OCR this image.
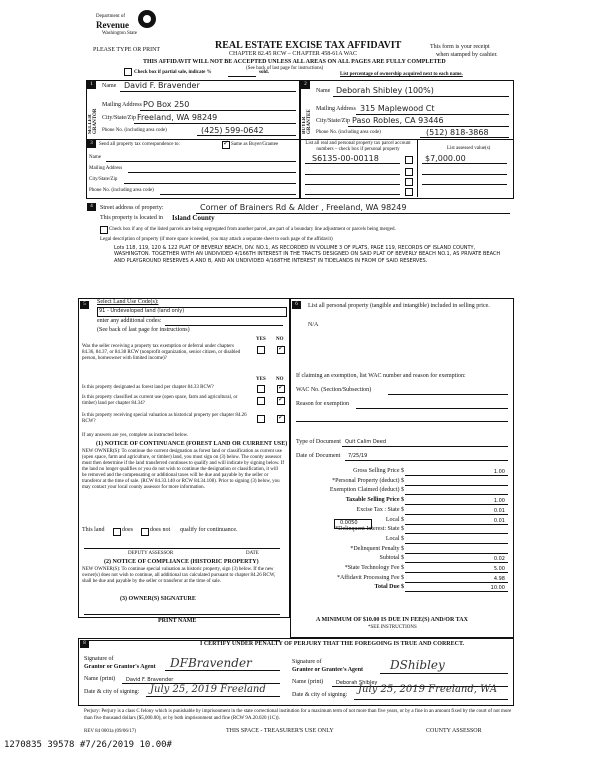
Department of
Revenue
Washington State
PLEASE TYPE OR PRINT	REAL ESTATE EXCISE TAX AFFIDAVIT
CHAPTER 82.45 RCW – CHAPTER 458-61A WAC
THIS AFFIDAVIT WILL NOT BE ACCEPTED UNLESS ALL AREAS ON ALL PAGES ARE FULLY COMPLETED
This form is your receipt
when stamped by cashier.
(See back of last page for instructions)
Check box if partial sale, indicate %	sold.	List percentage of ownership acquired next to each name.
1
SELLER GRANTOR
Name David F. Bravender
Mailing Address PO Box 250
City/State/Zip Freeland, WA 98249
Phone No. (including area code)	(425) 599-0642
2
BUYER GRANTEE
Name Deborah Shibley (100%)
Mailing Address 315 Maplewood Ct
City/State/Zip Paso Robles, CA 93446
Phone No. (including area code)	(512) 818-3868
3	Send all property tax correspondence to:
✓	Same as Buyer/Grantee
Name
Mailing Address
City/State/Zip
Phone No. (including area code)
List all real and personal property tax parcel account numbers – check box if personal property	List assessed value(s)
S6135-00-00118	$7,000.00
4	Street address of property:	Corner of Brainers Rd & Alder , Freeland, WA 98249
This property is located in Island County
Check box if any of the listed parcels are being segregated from another parcel, are part of a boundary line adjustment or parcels being merged.
Legal description of property (if more space is needed, you may attach a separate sheet to each page of the affidavit)
Lots 118, 119, 120 & 122 PLAT OF BEVERLY BEACH, DIV. NO.1, AS RECORDED IN VOLUME 3 OF PLATS, PAGE 119, RECORDS OF ISLAND COUNTY, WASHINGTON. TOGETHER WITH AN UNDIVIDED 4/166TH INTEREST IN THE TRACTS DESIGNED ON SAID PLAT OF BEVERLY BEACH NO.1, AS PRIVATE BEACH AND PLAYGROUND RESERVES A AND B, AND AN UNDIVIDED 4/168THE INTEREST IN TIDELANDS IN FROM OF SAID RESERVES.
5	Select Land Use Code(s):
91 - Undeveloped land (land only)
enter any additional codes:
(See back of last page for instructions)
YES NO
Was the seller receiving a property tax exemption or deferral under chapters 84.36, 84.37, or 84.38 RCW (nonprofit organization, senior citizen, or disabled person, homeowner with limited income)?
✓
YES NO
Is this property designated as forest land per chapter 84.33 RCW?
✓
Is this property classified as current use (open space, farm and agricultural, or timber) land per chapter 84.34?
✓
Is this property receiving special valuation as historical property per chapter 84.26 RCW?
✓
If any answers are yes, complete as instructed below.
(1) NOTICE OF CONTINUANCE (FOREST LAND OR CURRENT USE)
NEW OWNER(S): To continue the current designation as forest land or classification as current use (open space, farm and agriculture, or timber) land, you must sign on (3) below. The county assessor must then determine if the land transferred continues to qualify and will indicate by signing below. If the land no longer qualifies or you do not wish to continue the designation or classification, it will be removed and the compensating or additional taxes will be due and payable by the seller or transferor at the time of sale. (RCW 84.33.140 or RCW 84.34.108). Prior to signing (3) below, you may contact your local county assessor for more information.
This land	does	does not qualify for continuance.
DEPUTY ASSESSOR	DATE
(2) NOTICE OF COMPLIANCE (HISTORIC PROPERTY)
NEW OWNER(S): To continue special valuation as historic property, sign (3) below. If the new owner(s) does not wish to continue, all additional tax calculated pursuant to chapter 84.26 RCW, shall be due and payable by the seller or transferor at the time of sale.
(3) OWNER(S) SIGNATURE
PRINT NAME
6	List all personal property (tangible and intangible) included in selling price.
N/A
If claiming an exemption, list WAC number and reason for exemption:
WAC No. (Section/Subsection)
Reason for exemption
Type of Document Quit Calim Deed
Date of Document 7/25/19
Gross Selling Price $	1.00
*Personal Property (deduct) $
Exemption Claimed (deduct) $
Taxable Selling Price $	1.00
Excise Tax : State $	0.01
Local $	0.01
*Delinquent Interest: State $
Local $
*Delinquent Penalty $
Subtotal $	0.02
*State Technology Fee $	5.00
*Affidavit Processing Fee $	4.98
Total Due $	10.00
0.0050
A MINIMUM OF $10.00 IS DUE IN FEE(S) AND/OR TAX
*SEE INSTRUCTIONS
8	I CERTIFY UNDER PENALTY OF PERJURY THAT THE FOREGOING IS TRUE AND CORRECT.
Signature of
Grantor or Grantor's Agent DFBravender
Name (print) David F. Bravender
Date & city of signing: July 25, 2019 Freeland
Signature of
Grantee or Grantee's Agent DShibley
Name (print)	Deborah Shibley
Date & city of signing: July 25, 2019 Freeland, WA
Perjury: Perjury is a class C felony which is punishable by imprisonment in the state correctional institution for a maximum term of not more than five years, or by a fine in an amount fixed by the court of not more than five thousand dollars ($5,000.00), or by both imprisonment and fine (RCW 9A.20.020 (1C)).
REV 84 0001a (09/06/17)	THIS SPACE - TREASURER'S USE ONLY	COUNTY ASSESSOR
1270835 39578 #7/26/2019 10.00#
